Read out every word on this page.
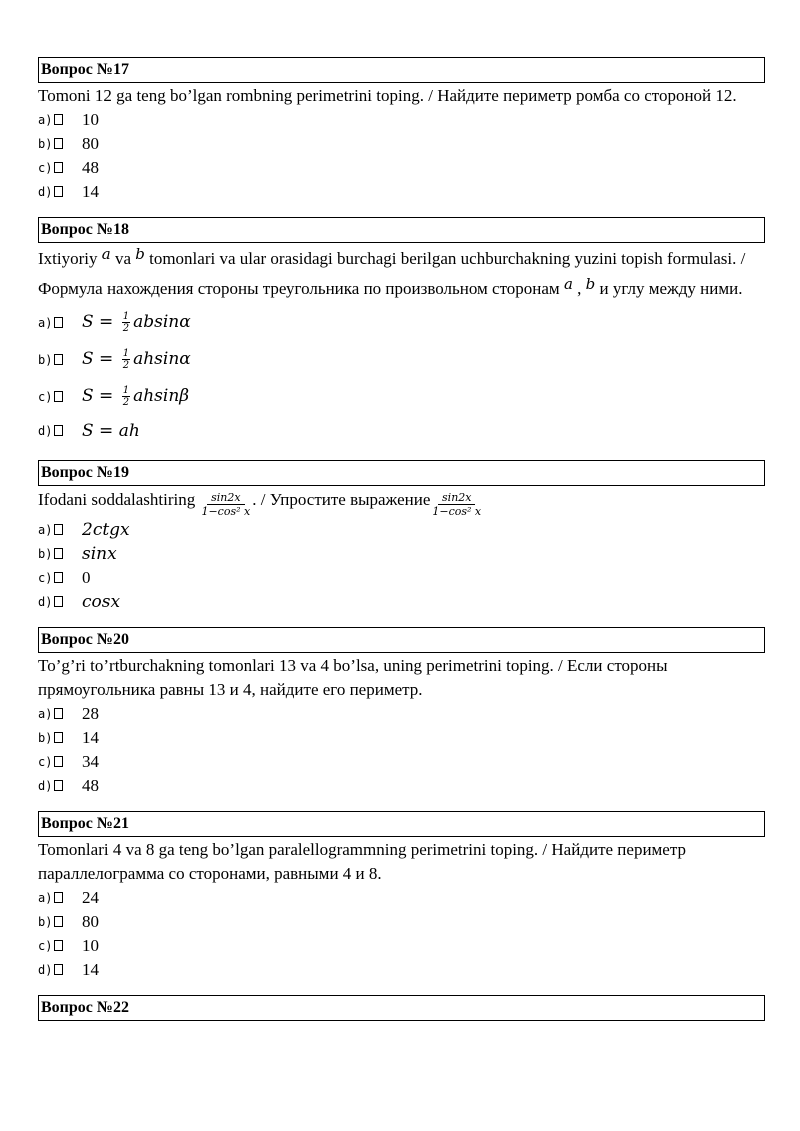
Вопрос №17
Tomoni 12 ga teng bo’lgan rombning perimetrini toping. / Найдите периметр ромба со стороной 12.
a)	10
b)	80
c)	48
d)	14
Вопрос №18
Ixtiyoriy a va b tomonlari va ular orasidagi burchagi berilgan uchburchakning yuzini topish formulasi. / Формула нахождения стороны треугольника по произвольном сторонам a , b и углу между ними.
a)	$S = \frac{1}{2}$ absinα
b)	$S = \frac{1}{2}$ ahsinα
c)	$S = \frac{1}{2}$ ahsinβ
d)	S = ah
Вопрос №19
Ifodani soddalashtiring $\frac{\sin 2x}{\text{1−cos² x}}$ . / Упростите выражение $\frac{\sin 2x}{\text{1−cos² x}}$
a)	2ctgx
b)	sinx
c)	0
d)	cosx
Вопрос №20
To’g’ri to’rtburchakning tomonlari 13 va 4 bo’lsa, uning perimetrini toping. / Если стороны прямоугольника равны 13 и 4, найдите его периметр.
a)	28
b)	14
c)	34
d)	48
Вопрос №21
Tomonlari 4 va 8 ga teng bo’lgan paralellogrammning perimetrini toping. / Найдите периметр параллелограмма со сторонами, равными 4 и 8.
a)	24
b)	80
c)	10
d)	14
Вопрос №22
